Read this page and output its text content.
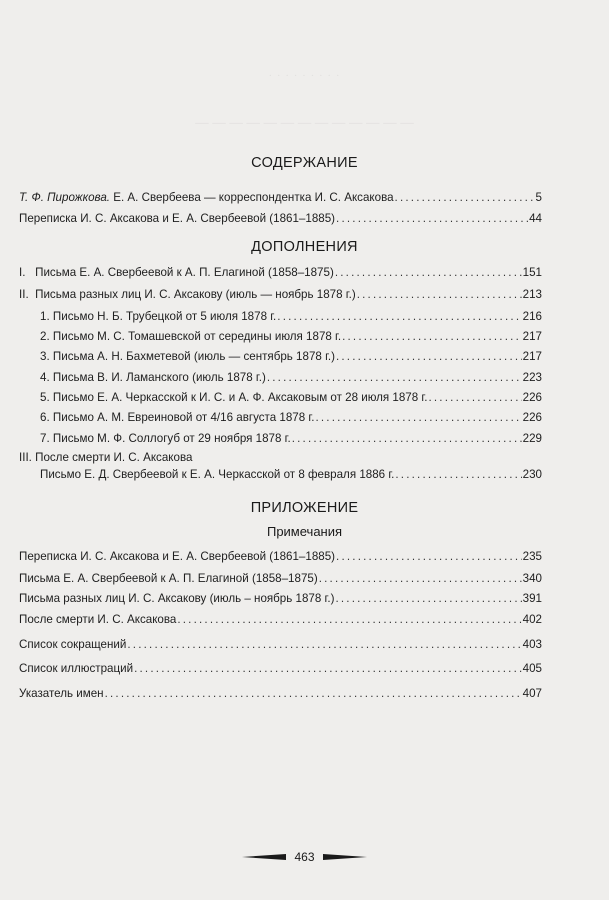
· · · · · · · · ·
— — — — — — — — — — — — —
СОДЕРЖАНИЕ
Т. Ф. Пирожкова. Е. А. Свербеева — корреспондентка И. С. Аксакова .....	5
Переписка И. С. Аксакова и Е. А. Свербеевой (1861–1885) .....	44
ДОПОЛНЕНИЯ
I.   Письма Е. А. Свербеевой к А. П. Елагиной (1858–1875) .....	151
II.  Письма разных лиц И. С. Аксакову (июль — ноябрь 1878 г.) .....	213
1. Письмо Н. Б. Трубецкой от 5 июля 1878 г. .....	216
2. Письмо М. С. Томашевской от середины июля 1878 г. .....	217
3. Письма А. Н. Бахметевой (июль — сентябрь 1878 г.) .....	217
4. Письма В. И. Ламанского (июль 1878 г.) .....	223
5. Письмо Е. А. Черкасской к И. С. и А. Ф. Аксаковым от 28 июля 1878 г. .....	226
6. Письмо А. М. Евреиновой от 4/16 августа 1878 г. .....	226
7. Письмо М. Ф. Соллогуб от 29 ноября 1878 г. .....	229
III. После смерти И. С. Аксакова
Письмо Е. Д. Свербеевой к Е. А. Черкасской от 8 февраля 1886 г. .....	230
ПРИЛОЖЕНИЕ
Примечания
Переписка И. С. Аксакова и Е. А. Свербеевой (1861–1885) .....	235
Письма Е. А. Свербеевой к А. П. Елагиной (1858–1875) .....	340
Письма разных лиц И. С. Аксакову (июль – ноябрь 1878 г.) .....	391
После смерти И. С. Аксакова .....	402
Список сокращений .....	403
Список иллюстраций .....	405
Указатель имен .....	407
463
